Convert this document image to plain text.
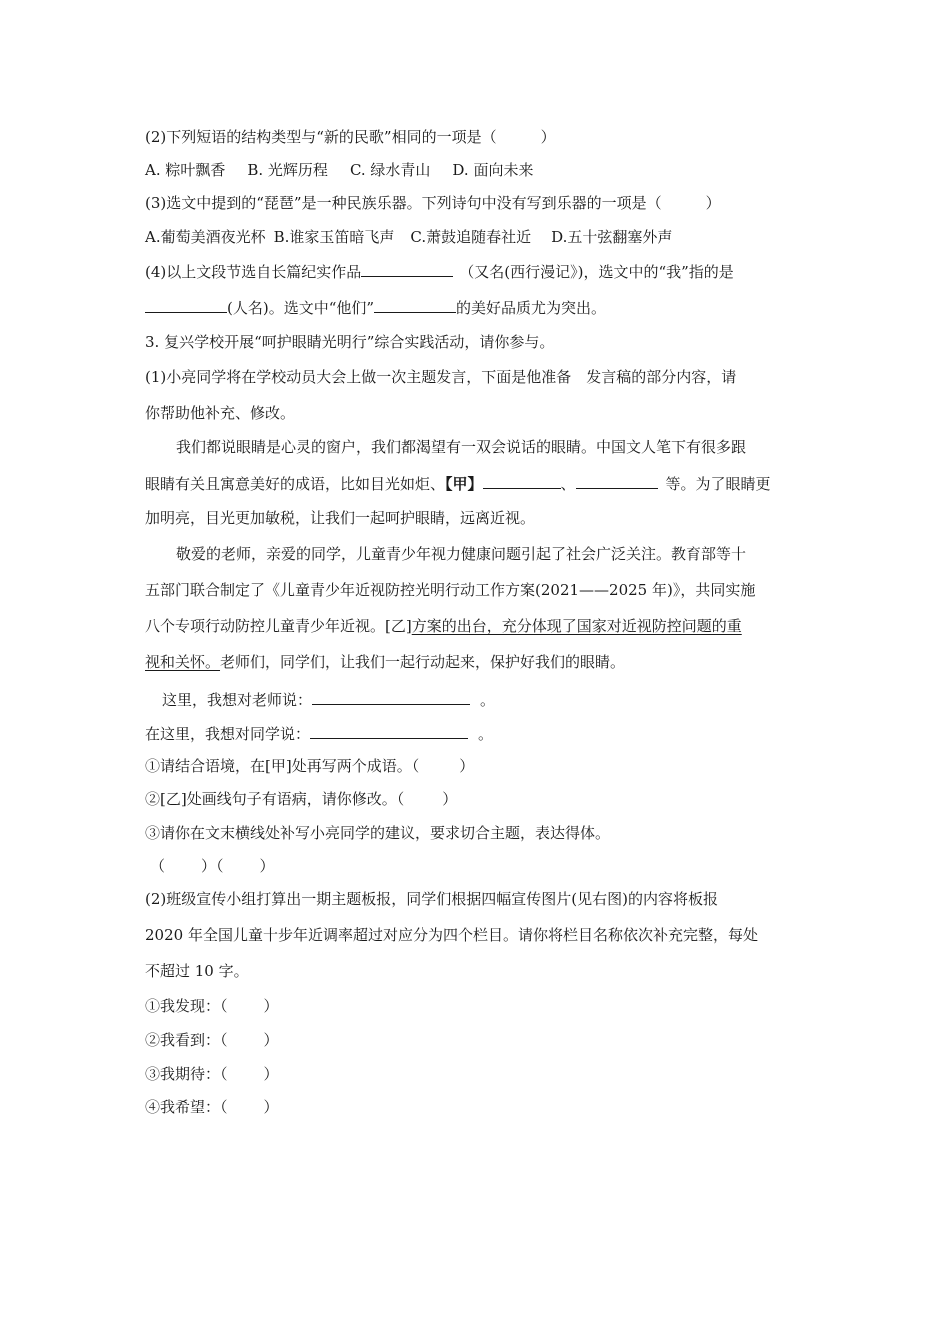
(2)下列短语的结构类型与“新的民歌”相同的一项是（	）
A. 粽叶飘香 B. 光辉历程 C. 绿水青山 D. 面向未来
(3)选文中提到的“琵琶”是一种民族乐器。下列诗句中没有写到乐器的一项是（	）
A.葡萄美酒夜光杯 B.谁家玉笛暗飞声 C.萧鼓追随春社近 D.五十弦翻塞外声
(4)以上文段节选自长篇纪实作品	（又名(西行漫记》)，选文中的“我”指的是
(人名)。选文中“他们”	的美好品质尤为突出。
3. 复兴学校开展“呵护眼睛光明行”综合实践活动，请你参与。
(1)小亮同学将在学校动员大会上做一次主题发言，下面是他准备　发言稿的部分内容，请
你帮助他补充、修改。
我们都说眼睛是心灵的窗户，我们都渴望有一双会说话的眼睛。中国文人笔下有很多跟
眼睛有关且寓意美好的成语，比如目光如炬、【甲】	、	等。为了眼睛更
加明亮，目光更加敏税，让我们一起呵护眼睛，远离近视。
敬爱的老师，亲爱的同学，儿童青少年视力健康问题引起了社会广泛关注。教育部等十
五部门联合制定了《儿童青少年近视防控光明行动工作方案(2021——2025 年)》，共同实施
八个专项行动防控儿童青少年近视。[乙]方案的出台，充分体现了国家对近视防控问题的重
视和关怀。老师们，同学们，让我们一起行动起来，保护好我们的眼睛。
这里，我想对老师说：	。
在这里，我想对同学说：	。
①请结合语境，在[甲]处再写两个成语。（	）
②[乙]处画线句子有语病，请你修改。（	）
③请你在文末横线处补写小亮同学的建议，要求切合主题，表达得体。
（ ）（ ）
(2)班级宣传小组打算出一期主题板报，同学们根据四幅宣传图片(见右图)的内容将板报
2020 年全国儿童十步年近调率超过对应分为四个栏目。请你将栏目名称依次补充完整，每处
不超过 10 字。
①我发现：（ ）
②我看到：（ ）
③我期待：（ ）
④我希望：（ ）
